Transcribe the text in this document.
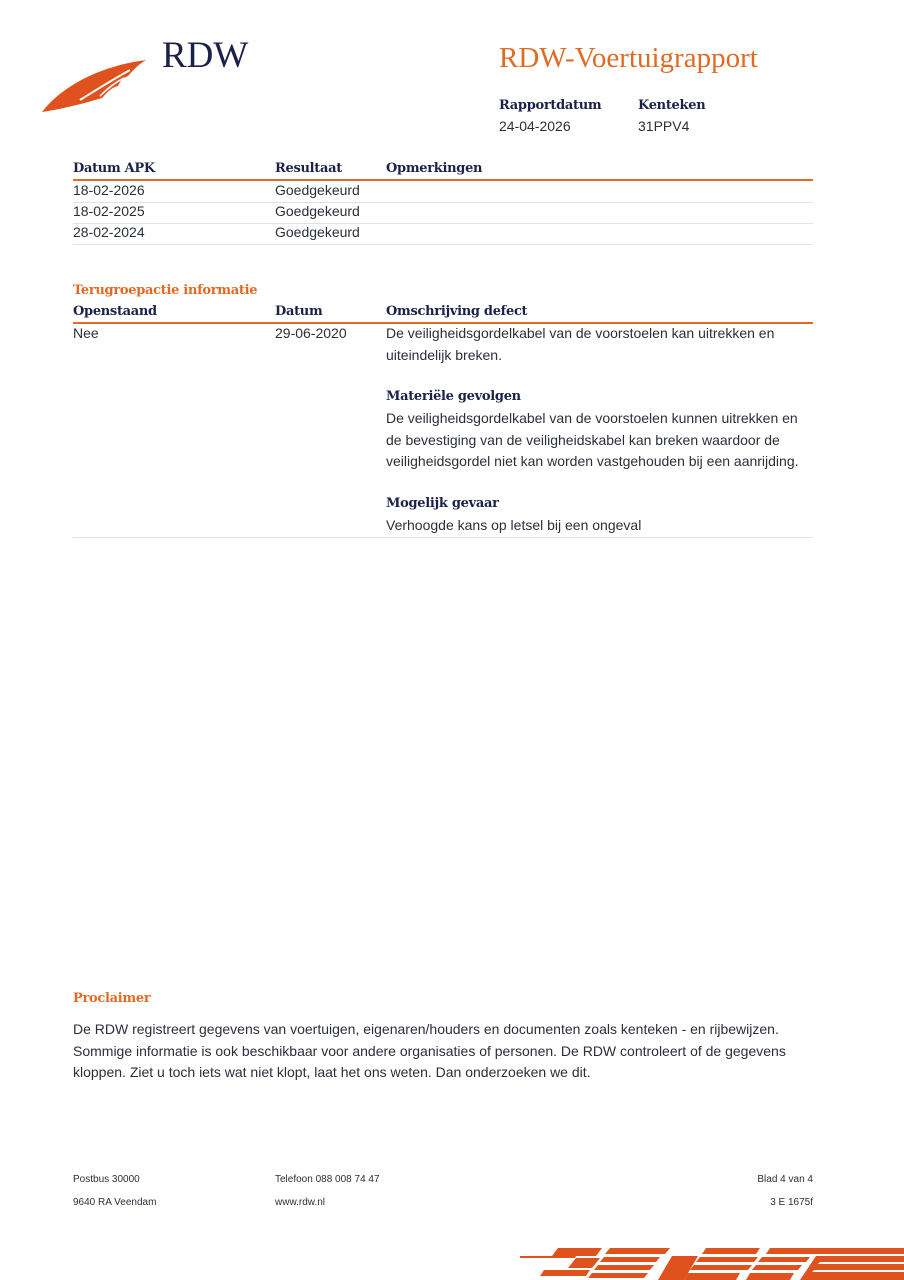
RDW	RDW-Voertuigrapport
Rapportdatum
24-04-2026
Kenteken
31PPV4
Datum APK	Resultaat	Opmerkingen
18-02-2026	Goedgekeurd
18-02-2025	Goedgekeurd
28-02-2024	Goedgekeurd
Terugroepactie informatie
Openstaand	Datum	Omschrijving defect
Nee	29-06-2020	De veiligheidsgordelkabel van de voorstoelen kan uitrekken en
uiteindelijk breken.
Materiële gevolgen
De veiligheidsgordelkabel van de voorstoelen kunnen uitrekken en
de bevestiging van de veiligheidskabel kan breken waardoor de
veiligheidsgordel niet kan worden vastgehouden bij een aanrijding.
Mogelijk gevaar
Verhoogde kans op letsel bij een ongeval
Proclaimer
De RDW registreert gegevens van voertuigen, eigenaren/houders en documenten zoals kenteken - en rijbewijzen.
Sommige informatie is ook beschikbaar voor andere organisaties of personen. De RDW controleert of de gegevens
kloppen. Ziet u toch iets wat niet klopt, laat het ons weten. Dan onderzoeken we dit.
Postbus 30000
9640 RA Veendam
Telefoon 088 008 74 47
www.rdw.nl
Blad 4 van 4
3 E 1675f
